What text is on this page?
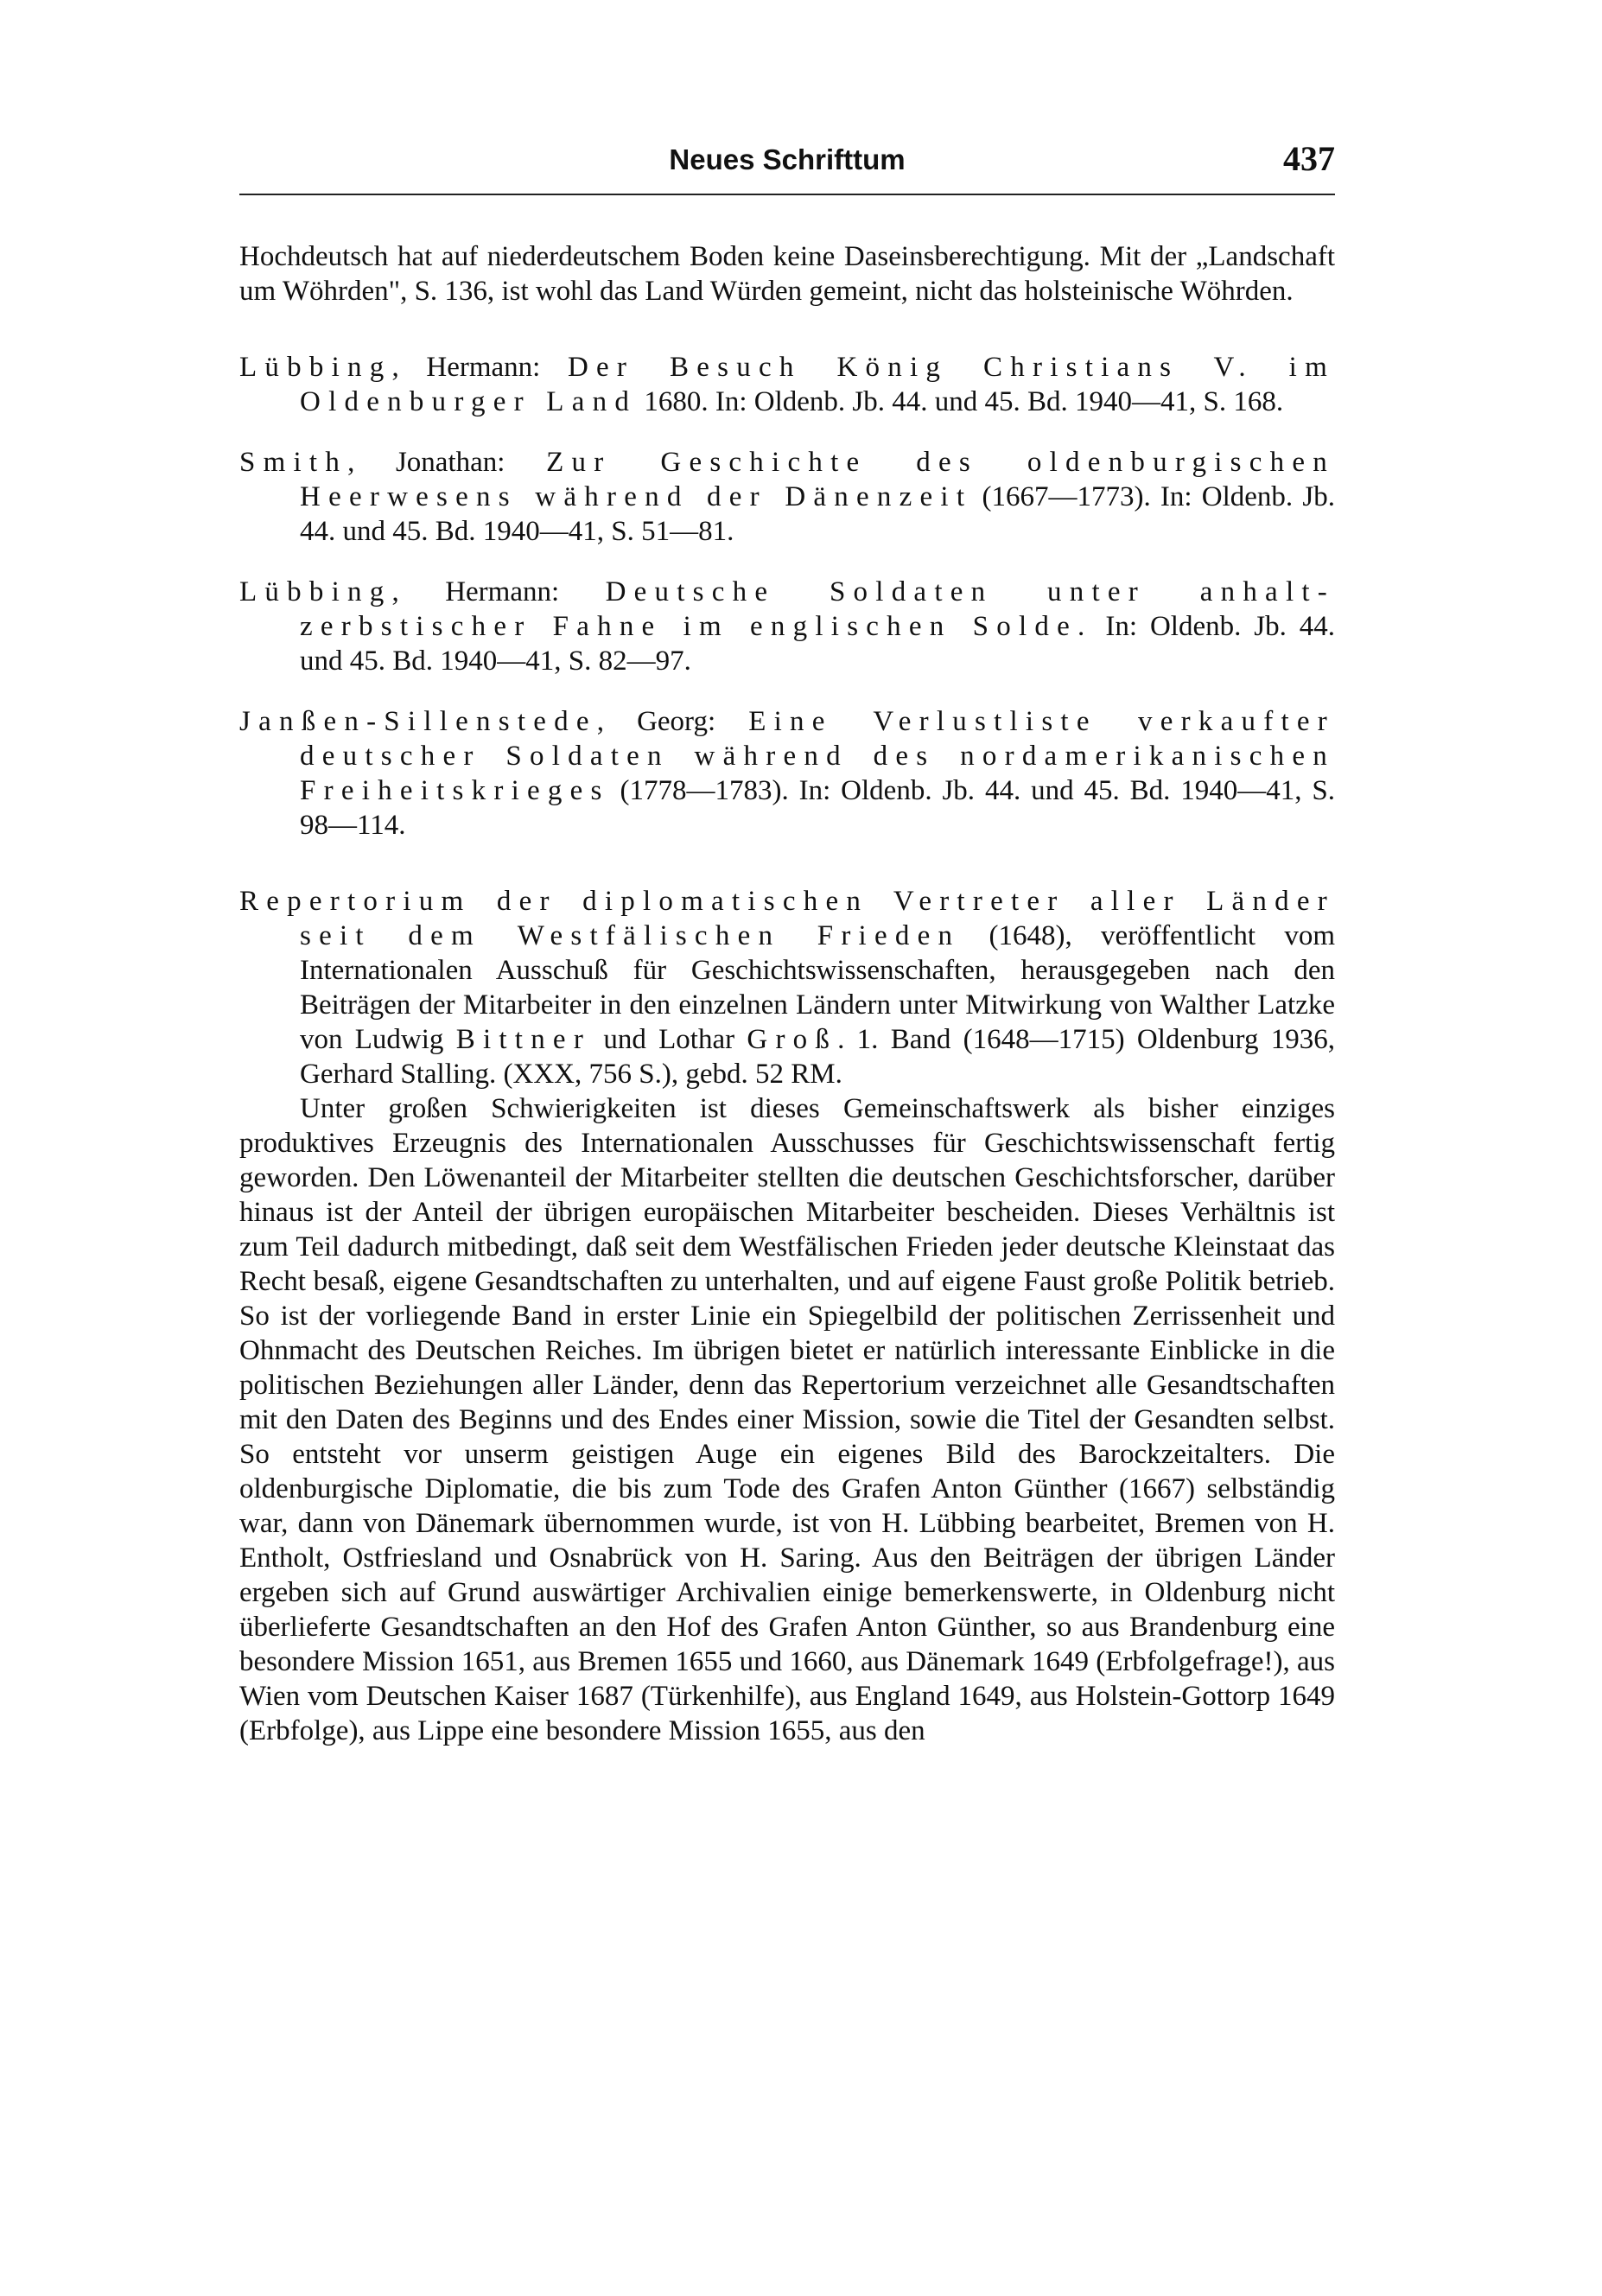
Neues Schrifttum	437

Hochdeutsch hat auf niederdeutschem Boden keine Daseinsberechtigung. Mit der „Landschaft um Wöhrden", S. 136, ist wohl das Land Würden gemeint, nicht das holsteinische Wöhrden.

Lübbing, Hermann: Der Besuch König Christians V. im Oldenburger Land 1680. In: Oldenb. Jb. 44. und 45. Bd. 1940—41, S. 168.

Smith, Jonathan: Zur Geschichte des oldenburgischen Heerwesens während der Dänenzeit (1667—1773). In: Oldenb. Jb. 44. und 45. Bd. 1940—41, S. 51—81.

Lübbing, Hermann: Deutsche Soldaten unter anhalt-zerbstischer Fahne im englischen Solde. In: Oldenb. Jb. 44. und 45. Bd. 1940—41, S. 82—97.

Janßen-Sillenstede, Georg: Eine Verlustliste verkaufter deutscher Soldaten während des nordamerikanischen Freiheitskrieges (1778—1783). In: Oldenb. Jb. 44. und 45. Bd. 1940—41, S. 98—114.

Repertorium der diplomatischen Vertreter aller Länder seit dem Westfälischen Frieden (1648), veröffentlicht vom Internationalen Ausschuß für Geschichtswissenschaften, herausgegeben nach den Beiträgen der Mitarbeiter in den einzelnen Ländern unter Mitwirkung von Walther Latzke von Ludwig Bittner und Lothar Groß. 1. Band (1648—1715) Oldenburg 1936, Gerhard Stalling. (XXX, 756 S.), gebd. 52 RM.

Unter großen Schwierigkeiten ist dieses Gemeinschaftswerk als bisher einziges produktives Erzeugnis des Internationalen Ausschusses für Geschichtswissenschaft fertig geworden. Den Löwenanteil der Mitarbeiter stellten die deutschen Geschichtsforscher, darüber hinaus ist der Anteil der übrigen europäischen Mitarbeiter bescheiden. Dieses Verhältnis ist zum Teil dadurch mitbedingt, daß seit dem Westfälischen Frieden jeder deutsche Kleinstaat das Recht besaß, eigene Gesandtschaften zu unterhalten, und auf eigene Faust große Politik betrieb. So ist der vorliegende Band in erster Linie ein Spiegelbild der politischen Zerrissenheit und Ohnmacht des Deutschen Reiches. Im übrigen bietet er natürlich interessante Einblicke in die politischen Beziehungen aller Länder, denn das Repertorium verzeichnet alle Gesandtschaften mit den Daten des Beginns und des Endes einer Mission, sowie die Titel der Gesandten selbst. So entsteht vor unserm geistigen Auge ein eigenes Bild des Barockzeitalters. Die oldenburgische Diplomatie, die bis zum Tode des Grafen Anton Günther (1667) selbständig war, dann von Dänemark übernommen wurde, ist von H. Lübbing bearbeitet, Bremen von H. Entholt, Ostfriesland und Osnabrück von H. Saring. Aus den Beiträgen der übrigen Länder ergeben sich auf Grund auswärtiger Archivalien einige bemerkenswerte, in Oldenburg nicht überlieferte Gesandtschaften an den Hof des Grafen Anton Günther, so aus Brandenburg eine besondere Mission 1651, aus Bremen 1655 und 1660, aus Dänemark 1649 (Erbfolgefrage!), aus Wien vom Deutschen Kaiser 1687 (Türkenhilfe), aus England 1649, aus Holstein-Gottorp 1649 (Erbfolge), aus Lippe eine besondere Mission 1655, aus den
